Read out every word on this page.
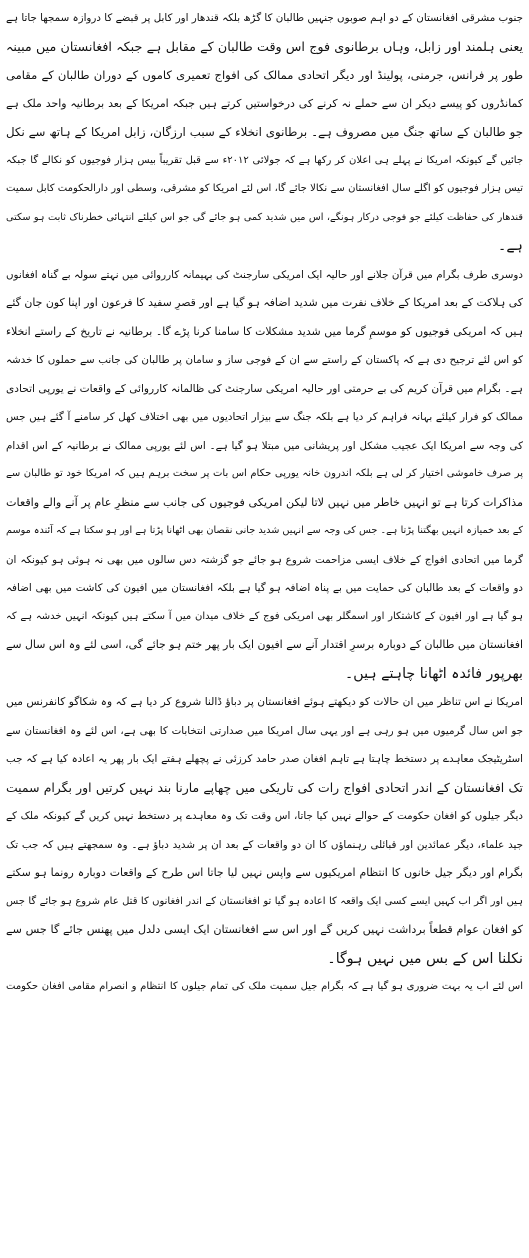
جنوب مشرقی افغانستان کے دو اہم صوبوں جنہیں طالبان کا گڑھ بلکہ قندھار اور کابل پر قبضے کا دروازہ سمجھا جاتا ہے
یعنی ہلمند اور زابل، وہاں برطانوی فوج اس وقت طالبان کے مقابل ہے جبکہ افغانستان میں مبینہ
طور پر فرانس، جرمنی، پولینڈ اور دیگر اتحادی ممالک کی افواج تعمیری کاموں کے دوران طالبان کے مقامی
کمانڈروں کو پیسے دیکر ان سے حملے نہ کرنے کی درخواستیں کرتے ہیں جبکہ امریکا کے بعد برطانیہ واحد ملک ہے
جو طالبان کے ساتھ جنگ میں مصروف ہے۔ برطانوی انخلاء کے سبب ارزگان، زابل امریکا کے ہاتھ سے نکل
جائیں گے کیونکہ امریکا نے پہلے ہی اعلان کر رکھا ہے کہ جولائی ۲۰۱۲ء سے قبل تقریباً بیس ہزار فوجیوں کو نکالے گا جبکہ
تیس ہزار فوجیوں کو اگلے سال افغانستان سے نکالا جائے گا، اس لئے امریکا کو مشرقی، وسطی اور دارالحکومت کابل سمیت
قندھار کی حفاظت کیلئے جو فوجی درکار ہونگے، اس میں شدید کمی ہو جائے گی جو اس کیلئے انتہائی خطرناک ثابت ہو سکتی
ہے۔
دوسری طرف بگرام میں قرآن جلانے اور حالیہ ایک امریکی سارجنٹ کی بہیمانہ کارروائی میں نہتے سولہ بے گناہ افغانوں
کی ہلاکت کے بعد امریکا کے خلاف نفرت میں شدید اضافہ ہو گیا ہے اور قصرِ سفید کا فرعون اور اپنا کون جان گئے
ہیں کہ امریکی فوجیوں کو موسمِ گرما میں شدید مشکلات کا سامنا کرنا پڑے گا۔ برطانیہ نے تاریخ کے راستے انخلاء
کو اس لئے ترجیح دی ہے کہ پاکستان کے راستے سے ان کے فوجی ساز و سامان پر طالبان کی جانب سے حملوں کا خدشہ
ہے۔ بگرام میں قرآن کریم کی بے حرمتی اور حالیہ امریکی سارجنٹ کی ظالمانہ کارروائی کے واقعات نے یورپی اتحادی
ممالک کو فرار کیلئے بہانہ فراہم کر دیا ہے بلکہ جنگ سے بیزار اتحادیوں میں بھی اختلاف کھل کر سامنے آ گئے ہیں جس
کی وجہ سے امریکا ایک عجیب مشکل اور پریشانی میں مبتلا ہو گیا ہے۔ اس لئے یورپی ممالک نے برطانیہ کے اس اقدام
پر صرف خاموشی اختیار کر لی ہے بلکہ اندرون خانہ یورپی حکام اس بات پر سخت برہم ہیں کہ امریکا خود تو طالبان سے
مذاکرات کرتا ہے تو انہیں خاطر میں نہیں لاتا لیکن امریکی فوجیوں کی جانب سے منظرِ عام پر آنے والے واقعات
کے بعد خمیازہ انہیں بھگتنا پڑتا ہے۔ جس کی وجہ سے انہیں شدید جانی نقصان بھی اٹھانا پڑتا ہے اور ہو سکتا ہے کہ آئندہ موسم
گرما میں اتحادی افواج کے خلاف ایسی مزاحمت شروع ہو جائے جو گزشتہ دس سالوں میں بھی نہ ہوئی ہو کیونکہ ان
دو واقعات کے بعد طالبان کی حمایت میں بے پناہ اضافہ ہو گیا ہے بلکہ افغانستان میں افیون کی کاشت میں بھی اضافہ
ہو گیا ہے اور افیون کے کاشتکار اور اسمگلر بھی امریکی فوج کے خلاف میدان میں آ سکتے ہیں کیونکہ انہیں خدشہ ہے کہ
افغانستان میں طالبان کے دوبارہ برسرِ اقتدار آنے سے افیون ایک بار پھر ختم ہو جائے گی، اسی لئے وہ اس سال سے
بھرپور فائدہ اٹھانا چاہتے ہیں۔
امریکا نے اس تناظر میں ان حالات کو دیکھتے ہوئے افغانستان پر دباؤ ڈالنا شروع کر دیا ہے کہ وہ شکاگو کانفرنس میں
جو اس سال گرمیوں میں ہو رہی ہے اور یہی سال امریکا میں صدارتی انتخابات کا بھی ہے، اس لئے وہ افغانستان سے
اسٹریٹیجک معاہدے پر دستخط چاہتا ہے تاہم افغان صدر حامد کرزئی نے پچھلے ہفتے ایک بار پھر یہ اعادہ کیا ہے کہ جب
تک افغانستان کے اندر اتحادی افواج رات کی تاریکی میں چھاپے مارنا بند نہیں کرتیں اور بگرام سمیت
دیگر جیلوں کو افغان حکومت کے حوالے نہیں کیا جاتا، اس وقت تک وہ معاہدے پر دستخط نہیں کریں گے کیونکہ ملک کے
جید علماء، دیگر عمائدین اور قبائلی رہنماؤں کا ان دو واقعات کے بعد ان پر شدید دباؤ ہے۔ وہ سمجھتے ہیں کہ جب تک
بگرام اور دیگر جیل خانوں کا انتظام امریکیوں سے واپس نہیں لیا جاتا اس طرح کے واقعات دوبارہ رونما ہو سکتے
ہیں اور اگر اب کہیں ایسے کسی ایک واقعہ کا اعادہ ہو گیا تو افغانستان کے اندر افغانوں کا قتل عام شروع ہو جائے گا جس
کو افغان عوام قطعاً برداشت نہیں کریں گے اور اس سے افغانستان ایک ایسی دلدل میں پھنس جائے گا جس سے
نکلنا اس کے بس میں نہیں ہوگا۔
اس لئے اب یہ بہت ضروری ہو گیا ہے کہ بگرام جیل سمیت ملک کی تمام جیلوں کا انتظام و انصرام مقامی افغان حکومت
